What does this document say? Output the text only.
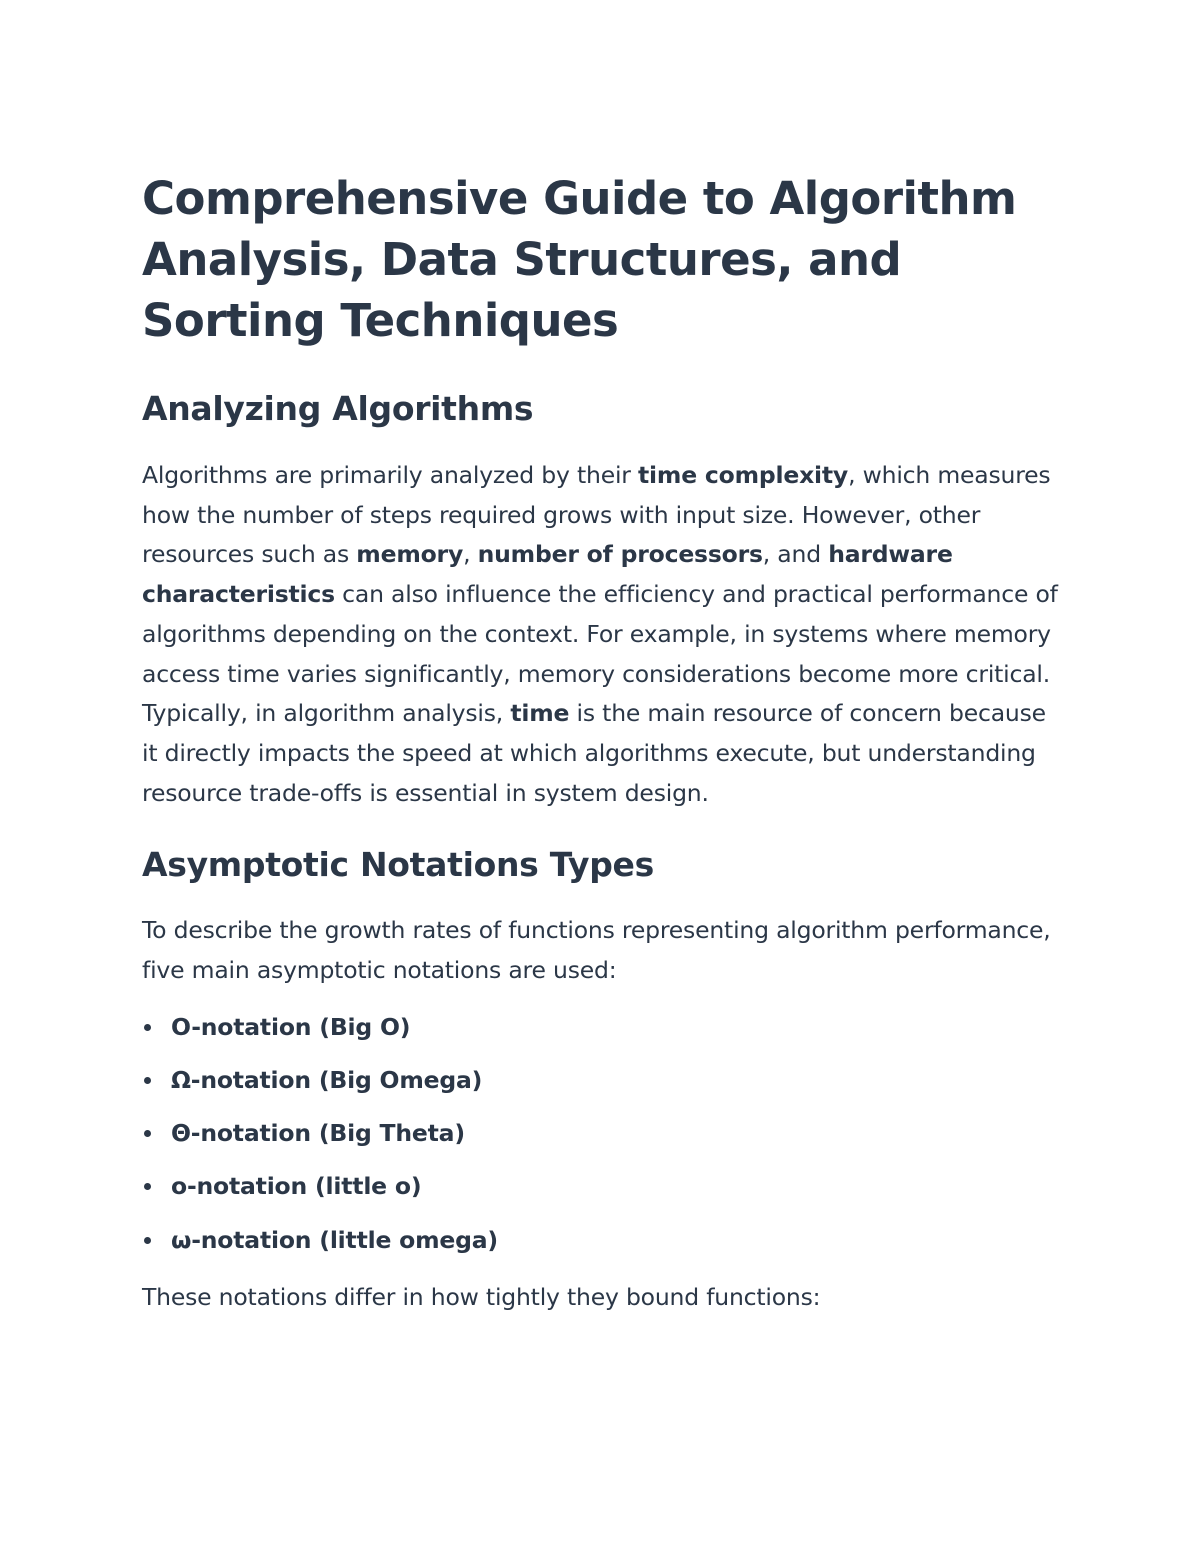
Comprehensive Guide to Algorithm Analysis, Data Structures, and Sorting Techniques
Analyzing Algorithms

Algorithms are primarily analyzed by their time complexity, which measures how the number of steps required grows with input size. However, other resources such as memory, number of processors, and hardware characteristics can also influence the efficiency and practical performance of algorithms depending on the context. For example, in systems where memory access time varies significantly, memory considerations become more critical. Typically, in algorithm analysis, time is the main resource of concern because it directly impacts the speed at which algorithms execute, but understanding resource trade-offs is essential in system design.

Asymptotic Notations Types

To describe the growth rates of functions representing algorithm performance, five main asymptotic notations are used:

O-notation (Big O)
Ω-notation (Big Omega)
Θ-notation (Big Theta)
o-notation (little o)
ω-notation (little omega)

These notations differ in how tightly they bound functions:
